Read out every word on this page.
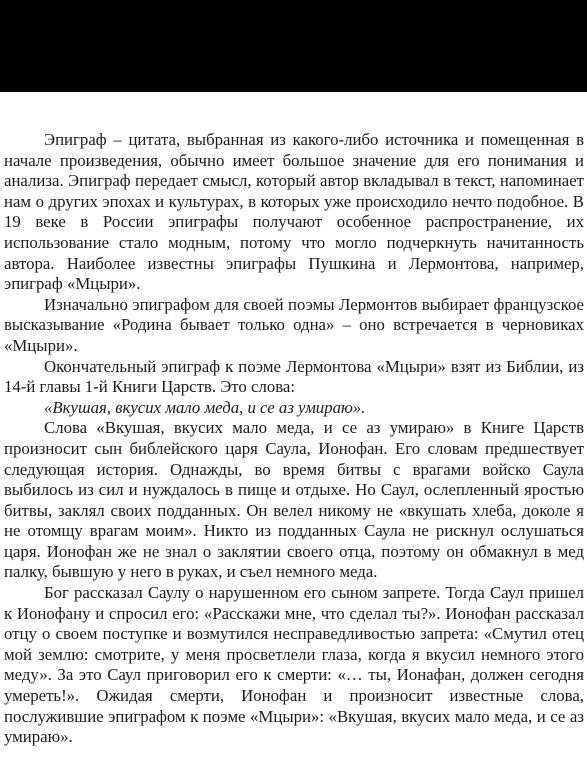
Эпиграф – цитата, выбранная из какого-либо источника и помещенная в начале произведения, обычно имеет большое значение для его понимания и анализа. Эпиграф передает смысл, который автор вкладывал в текст, напоминает нам о других эпохах и культурах, в которых уже происходило нечто подобное. В 19 веке в России эпиграфы получают особенное распространение, их использование стало модным, потому что могло подчеркнуть начитанность автора. Наиболее известны эпиграфы Пушкина и Лермонтова, например, эпиграф «Мцыри».

Изначально эпиграфом для своей поэмы Лермонтов выбирает французское высказывание «Родина бывает только одна» – оно встречается в черновиках «Мцыри».

Окончательный эпиграф к поэме Лермонтова «Мцыри» взят из Библии, из 14-й главы 1-й Книги Царств. Это слова:

«Вкушая, вкусих мало меда, и се аз умираю».

Слова «Вкушая, вкусих мало меда, и се аз умираю» в Книге Царств произносит сын библейского царя Саула, Ионофан. Его словам предшествует следующая история. Однажды, во время битвы с врагами войско Саула выбилось из сил и нуждалось в пище и отдыхе. Но Саул, ослепленный яростью битвы, заклял своих подданных. Он велел никому не «вкушать хлеба, доколе я не отомщу врагам моим». Никто из подданных Саула не рискнул ослушаться царя. Ионофан же не знал о заклятии своего отца, поэтому он обмакнул в мед палку, бывшую у него в руках, и съел немного меда.

Бог рассказал Саулу о нарушенном его сыном запрете. Тогда Саул пришел к Ионофану и спросил его: «Расскажи мне, что сделал ты?». Ионофан рассказал отцу о своем поступке и возмутился несправедливостью запрета: «Смутил отец мой землю: смотрите, у меня просветлели глаза, когда я вкусил немного этого меду». За это Саул приговорил его к смерти: «… ты, Ионафан, должен сегодня умереть!». Ожидая смерти, Ионофан и произносит известные слова, послужившие эпиграфом к поэме «Мцыри»: «Вкушая, вкусих мало меда, и се аз умираю».
